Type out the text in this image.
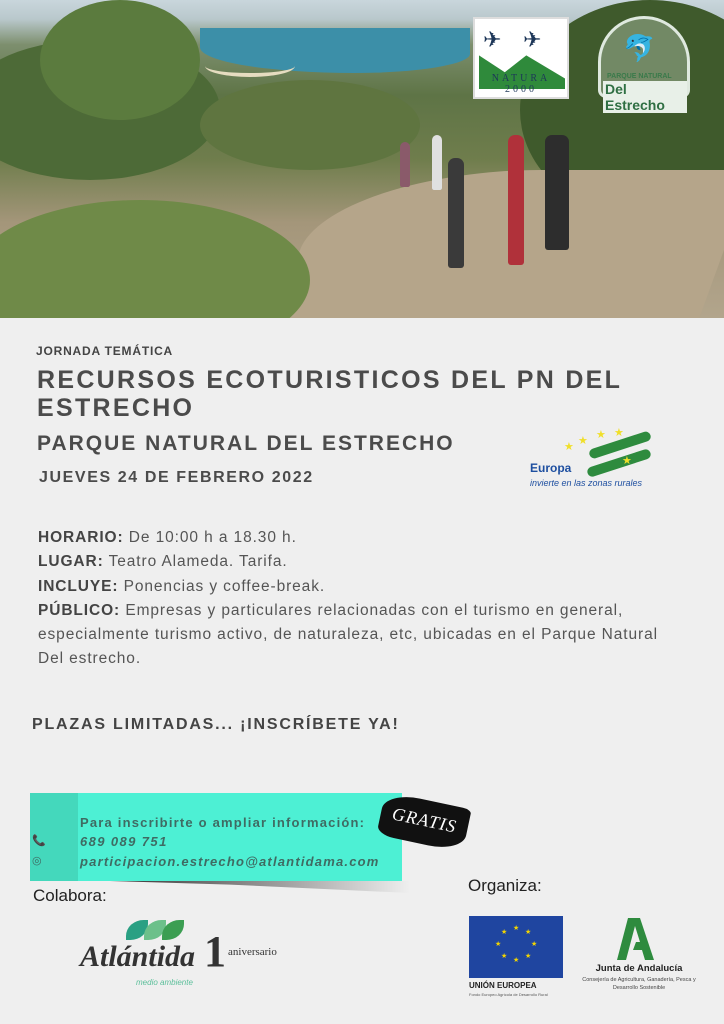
✈ ✈
NATURA 2000
🐬
PARQUE NATURAL
Del Estrecho
JORNADA TEMÁTICA
RECURSOS ECOTURISTICOS DEL PN DEL ESTRECHO
PARQUE NATURAL DEL ESTRECHO
JUEVES 24 DE FEBRERO 2022
★ ★ ★ ★
★
Europa
invierte en las zonas rurales
HORARIO: De 10:00 h a 18.30 h.
LUGAR: Teatro Alameda. Tarifa.
INCLUYE: Ponencias y coffee-break.
PÚBLICO: Empresas y particulares relacionadas con el turismo en general, especialmente turismo activo, de naturaleza, etc, ubicadas en el Parque Natural Del estrecho.
PLAZAS LIMITADAS... ¡INSCRÍBETE YA!
Para inscribirte o ampliar información:
📞	689 089 751
◎	participacion.estrecho@atlantidama.com
GRATIS
Colabora:
Atlántida 1 aniversario
medio ambiente
Organiza:
★
★
★
★
★
★
★
★
UNIÓN EUROPEA
Fondo Europeo Agrícola de Desarrollo Rural
Junta de Andalucía
Consejería de Agricultura, Ganadería, Pesca y Desarrollo Sostenible
